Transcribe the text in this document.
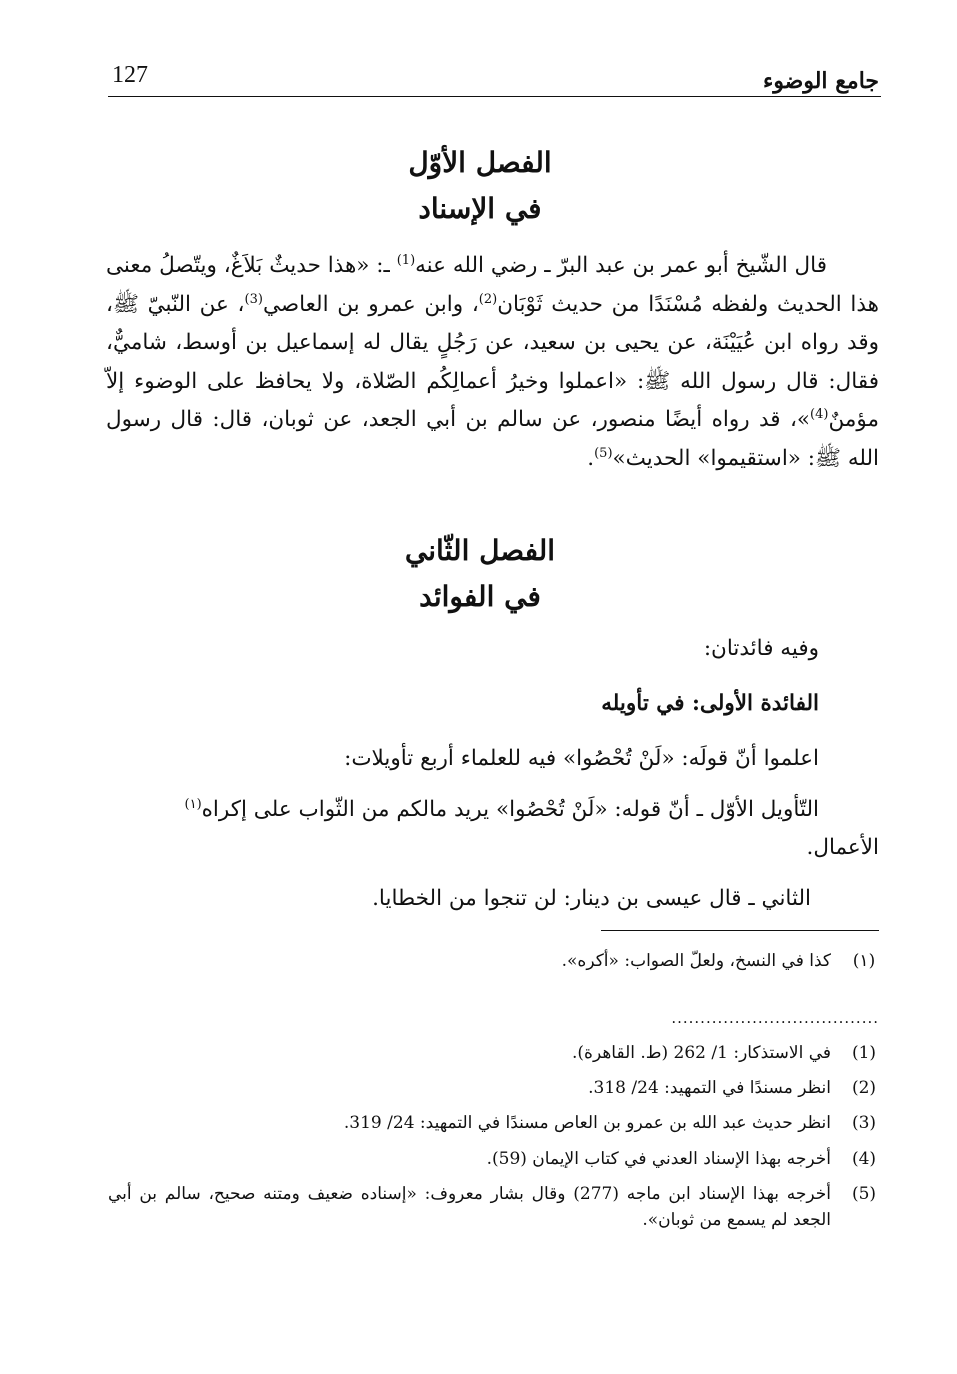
جامع الوضوء
127
الفصل الأوّل
في الإسناد
قال الشّيخ أبو عمر بن عبد البرّ ـ رضي الله عنه$^{(1)}$ ـ: «هذا حديثٌ بَلاَغٌ، ويتّصلُ معنى هذا الحديث ولفظه مُسْنَدًا من حديث ثَوْبَان$^{(2)}$، وابن عمرو بن العاصي$^{(3)}$، عن النّبيّ ﷺ، وقد رواه ابن عُيَيْنَة، عن يحيى بن سعيد، عن رَجُلٍ يقال له إسماعيل بن أوسط، شاميٌّ، فقال: قال رسول الله ﷺ: «اعملوا وخيرُ أعمالِكُم الصّلاة، ولا يحافظ على الوضوء إلاّ مؤمنٌ$^{(4)}$»، قد رواه أيضًا منصور، عن سالم بن أبي الجعد، عن ثوبان، قال: قال رسول الله ﷺ: «استقيموا» الحديث»$^{(5)}$.
الفصل الثّاني
في الفوائد
وفيه فائدتان:
الفائدة الأولى: في تأويله
اعلموا أنّ قولَه: «لَنْ تُحْصُوا» فيه للعلماء أربع تأويلات:
التّأويل الأوّل ـ أنّ قوله: «لَنْ تُحْصُوا» يريد مالكم من الثّواب على إكراه$^{(١)}$
الأعمال.
الثاني ـ قال عيسى بن دينار: لن تنجوا من الخطايا.
(١)
كذا في النسخ، ولعلّ الصواب: «أكره».
....................................
(1)
في الاستذكار: 1/ 262 (ط. القاهرة).
(2)
انظر مسندًا في التمهيد: 24/ 318.
(3)
انظر حديث عبد الله بن عمرو بن العاص مسندًا في التمهيد: 24/ 319.
(4)
أخرجه بهذا الإسناد العدني في كتاب الإيمان (59).
(5)
أخرجه بهذا الإسناد ابن ماجه (277) وقال بشار معروف: «إسناده ضعيف ومتنه صحيح، سالم بن أبي الجعد لم يسمع من ثوبان».
